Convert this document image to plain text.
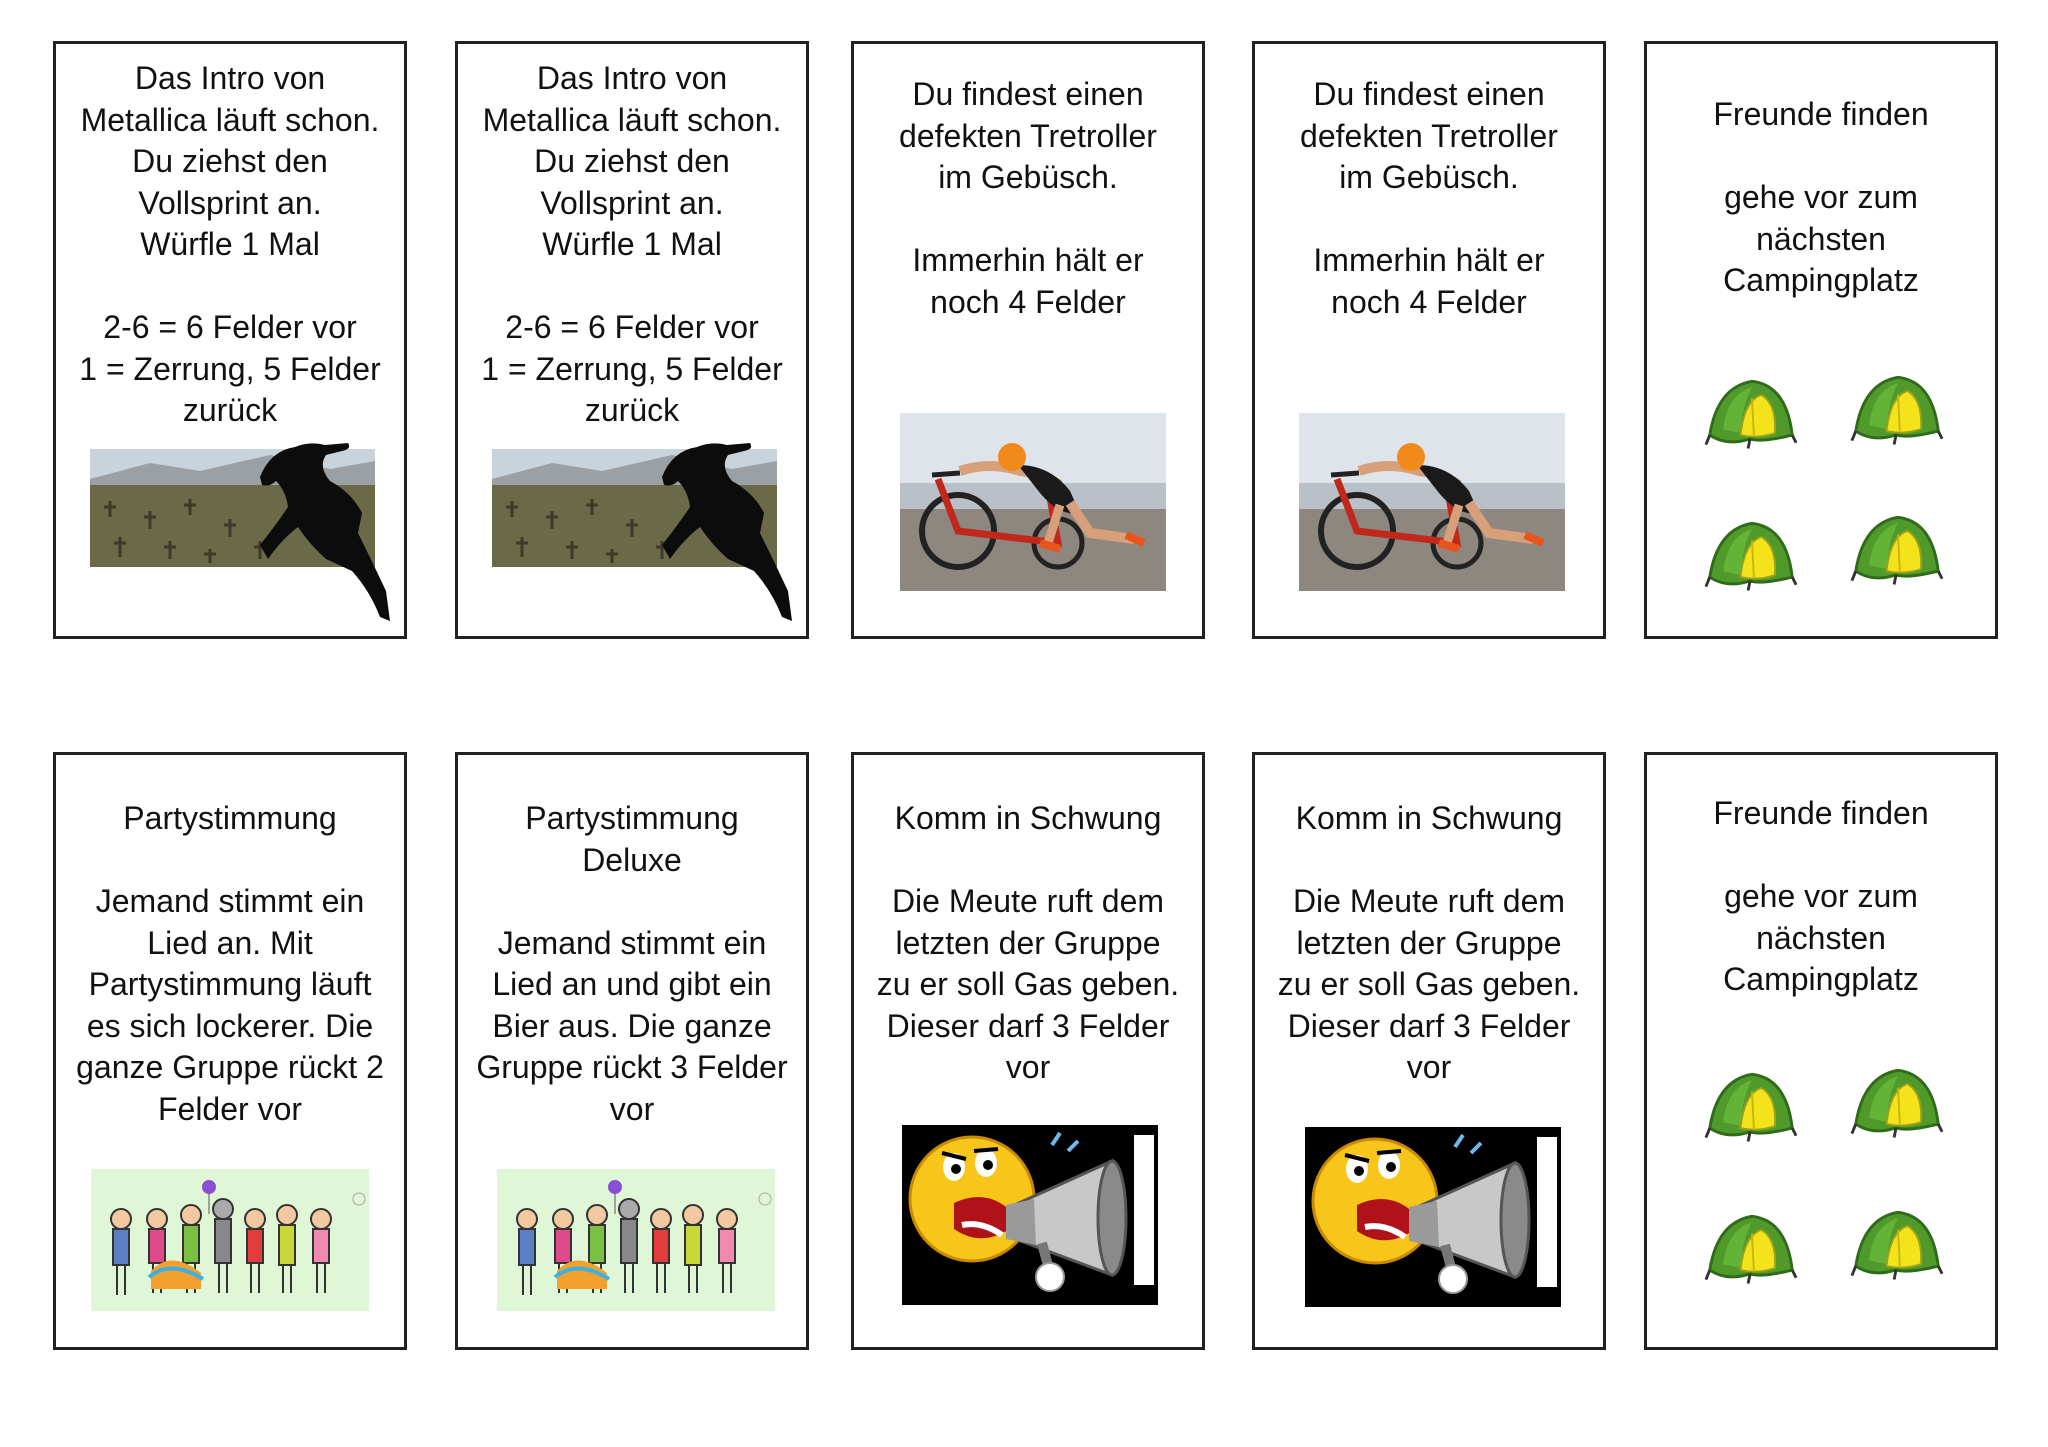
Das Intro von
Metallica läuft schon.
Du ziehst den
Vollsprint an.
Würfle 1 Mal

2-6 = 6 Felder vor
1 = Zerrung, 5 Felder
zurück
Das Intro von
Metallica läuft schon.
Du ziehst den
Vollsprint an.
Würfle 1 Mal

2-6 = 6 Felder vor
1 = Zerrung, 5 Felder
zurück
Du findest einen
defekten Tretroller
im Gebüsch.

Immerhin hält er
noch 4 Felder
Du findest einen
defekten Tretroller
im Gebüsch.

Immerhin hält er
noch 4 Felder
Freunde finden

gehe vor zum
nächsten
Campingplatz
Partystimmung

Jemand stimmt ein
Lied an. Mit
Partystimmung läuft
es sich lockerer. Die
ganze Gruppe rückt 2
Felder vor
Partystimmung
Deluxe

Jemand stimmt ein
Lied an und gibt ein
Bier aus. Die ganze
Gruppe rückt 3 Felder
vor
Komm in Schwung

Die Meute ruft dem
letzten der Gruppe
zu er soll Gas geben.
Dieser darf 3 Felder
vor
Komm in Schwung

Die Meute ruft dem
letzten der Gruppe
zu er soll Gas geben.
Dieser darf 3 Felder
vor
Freunde finden

gehe vor zum
nächsten
Campingplatz
